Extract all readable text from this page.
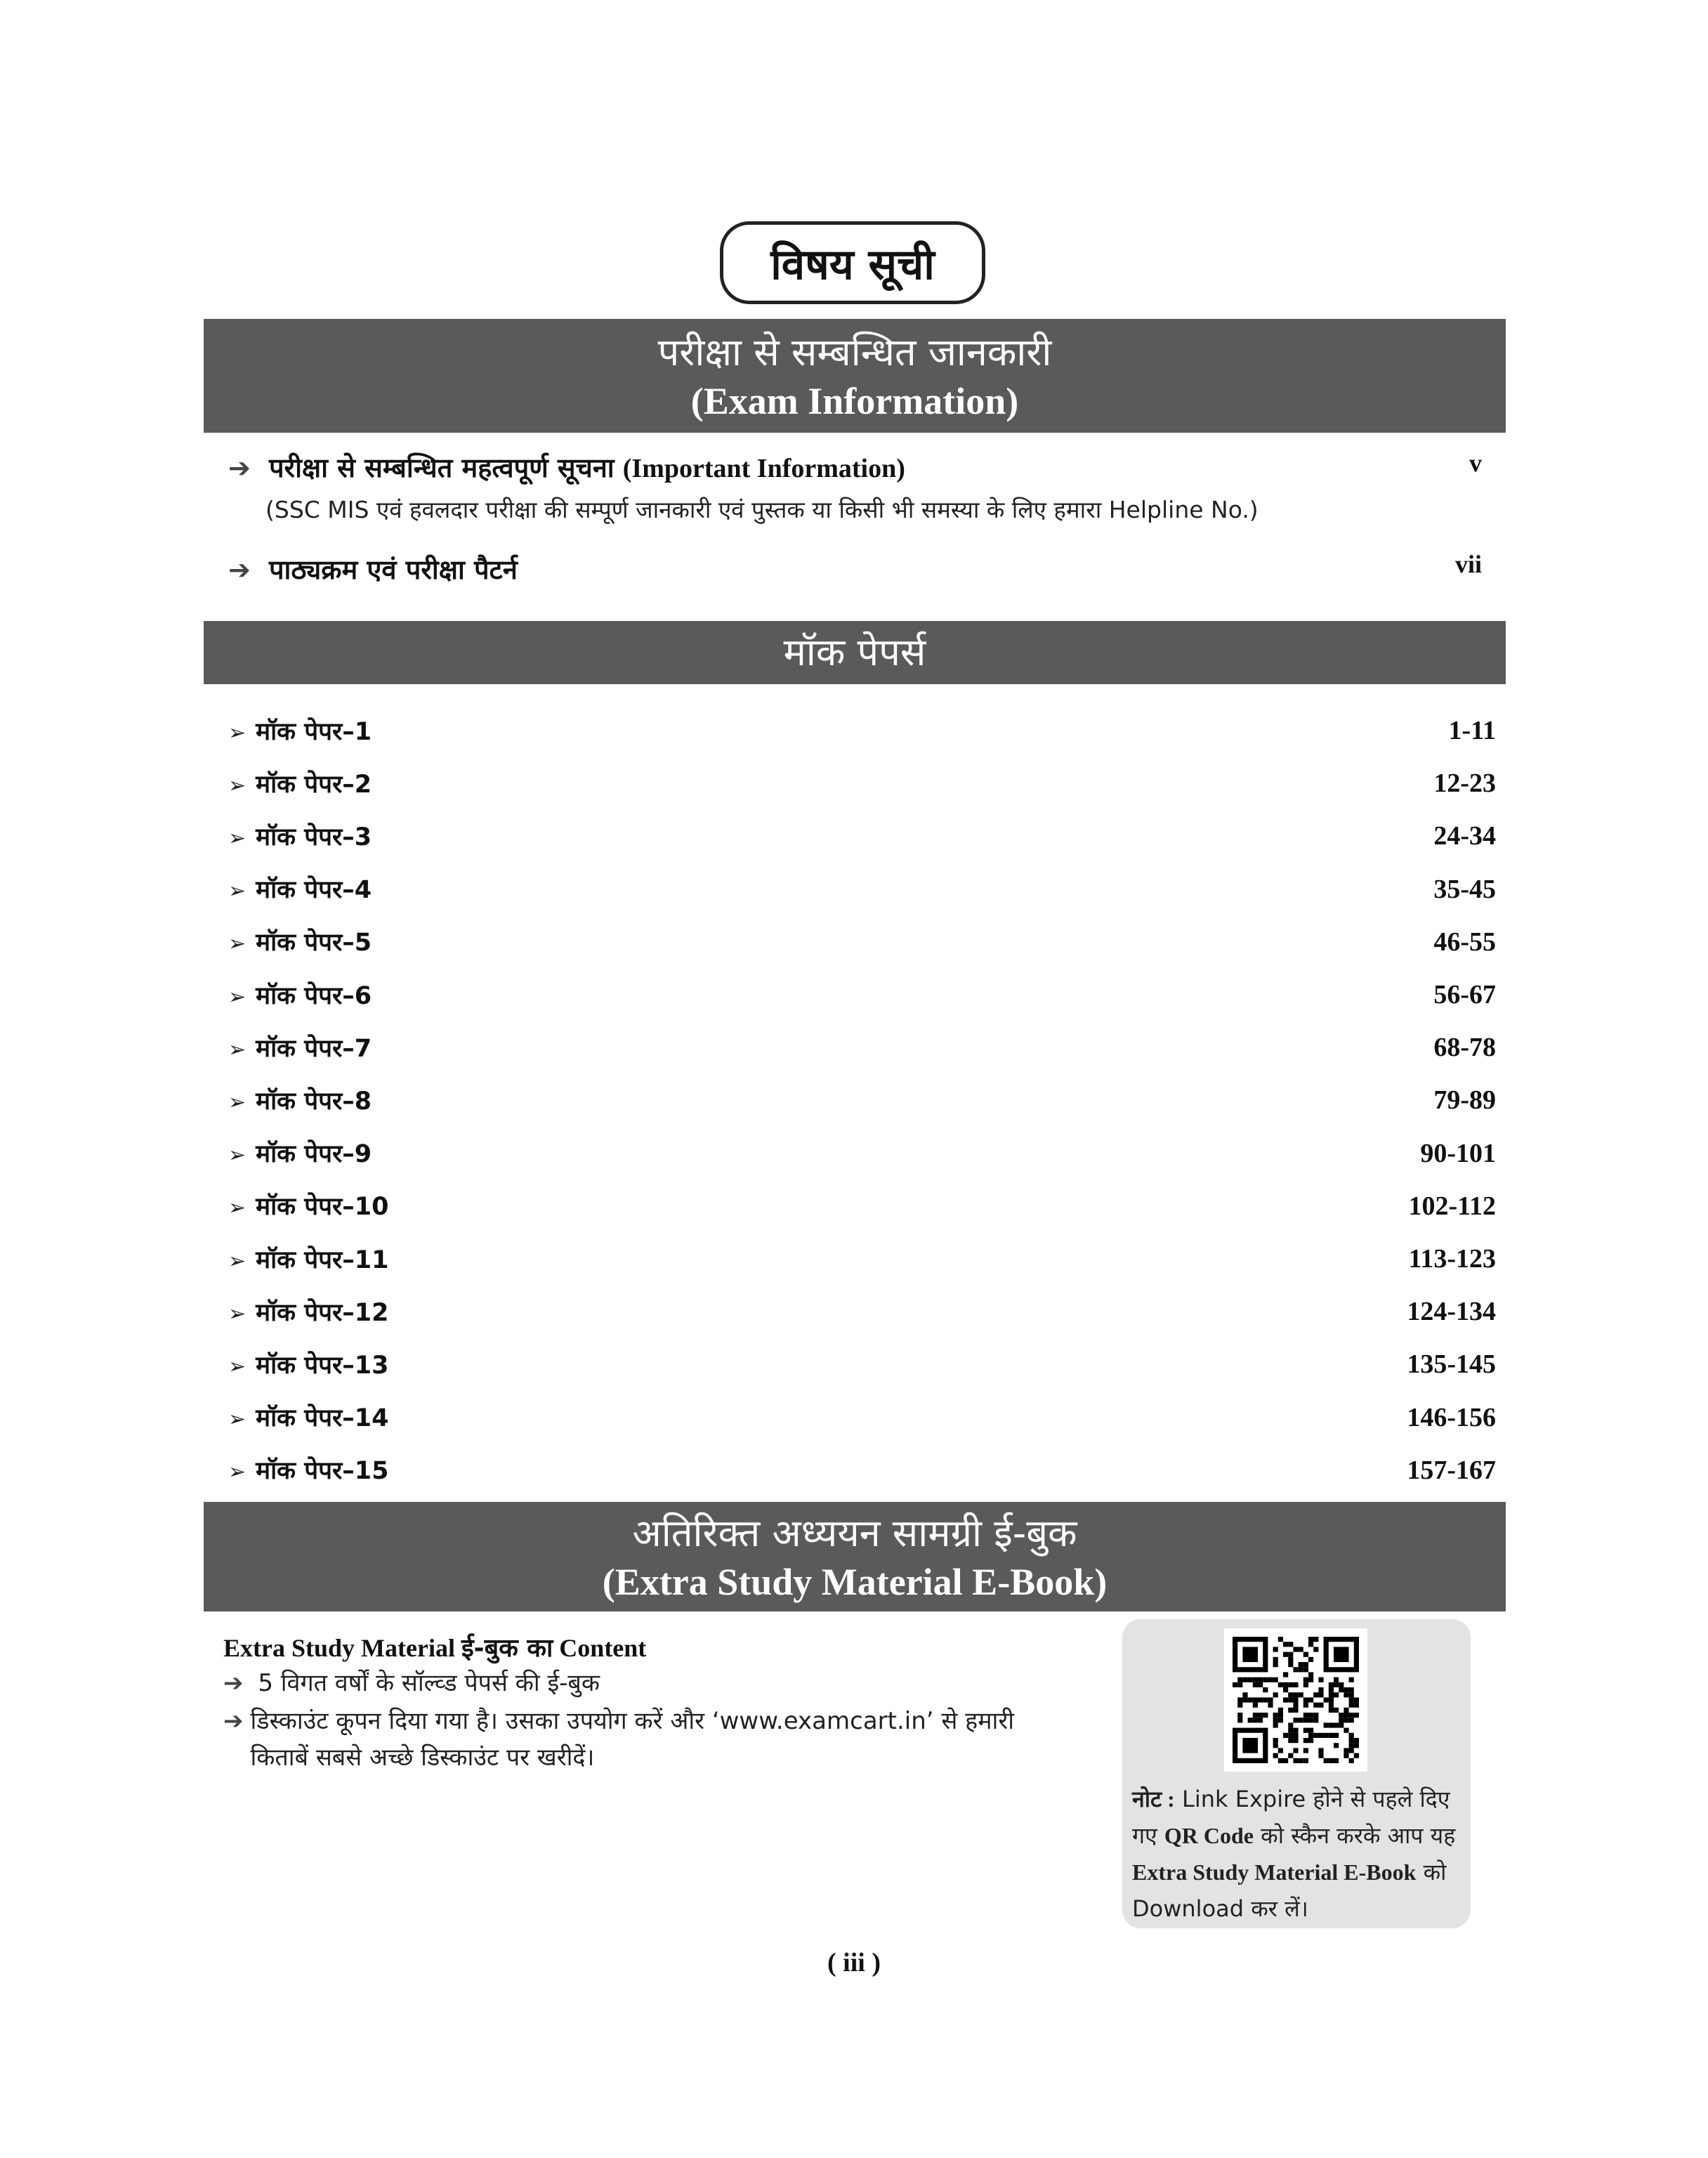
विषय सूची
परीक्षा से सम्बन्धित जानकारी
(Exam Information)
➔ परीक्षा से सम्बन्धित महत्वपूर्ण सूचना (Important Information)	v
(SSC MIS एवं हवलदार परीक्षा की सम्पूर्ण जानकारी एवं पुस्तक या किसी भी समस्या के लिए हमारा Helpline No.)
➔ पाठ्यक्रम एवं परीक्षा पैटर्न	vii
मॉक पेपर्स
➢ मॉक पेपर–1	1-11
➢ मॉक पेपर–2	12-23
➢ मॉक पेपर–3	24-34
➢ मॉक पेपर–4	35-45
➢ मॉक पेपर–5	46-55
➢ मॉक पेपर–6	56-67
➢ मॉक पेपर–7	68-78
➢ मॉक पेपर–8	79-89
➢ मॉक पेपर–9	90-101
➢ मॉक पेपर–10	102-112
➢ मॉक पेपर–11	113-123
➢ मॉक पेपर–12	124-134
➢ मॉक पेपर–13	135-145
➢ मॉक पेपर–14	146-156
➢ मॉक पेपर–15	157-167
अतिरिक्त अध्ययन सामग्री ई-बुक
(Extra Study Material E-Book)
Extra Study Material ई-बुक का Content
➔ 5 विगत वर्षों के सॉल्व्ड पेपर्स की ई-बुक
➔ डिस्काउंट कूपन दिया गया है। उसका उपयोग करें और ‘www.examcart.in’ से हमारी किताबें सबसे अच्छे डिस्काउंट पर खरीदें।
नोट : Link Expire होने से पहले दिए गए QR Code को स्कैन करके आप यह Extra Study Material E-Book को Download कर लें।
( iii )
